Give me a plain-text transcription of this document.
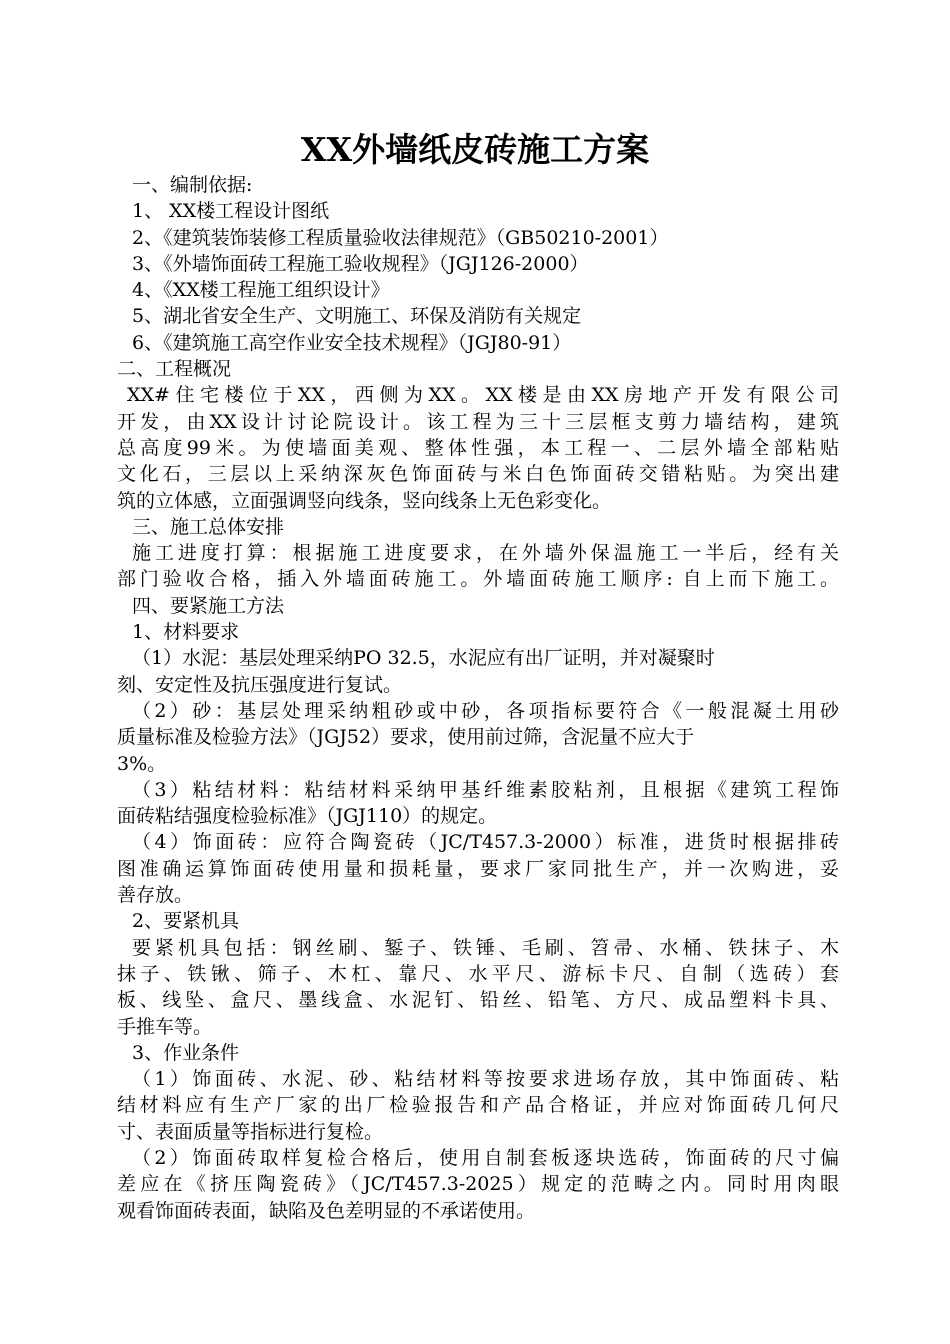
XX外墙纸皮砖施工方案
一、编制依据:
1、 XX楼工程设计图纸
2、《建筑装饰装修工程质量验收法律规范》（GB50210-2001）
3、《外墙饰面砖工程施工验收规程》（JGJ126-2000）
4、《XX楼工程施工组织设计》
5、湖北省安全生产、文明施工、环保及消防有关规定
6、《建筑施工高空作业安全技术规程》（JGJ80-91）
二、工程概况
XX#住宅楼位于XX，西侧为XX。XX楼是由XX房地产开发有限公司
开发，由XX设计讨论院设计。该工程为三十三层框支剪力墙结构，建筑
总高度99米。为使墙面美观、整体性强，本工程一、二层外墙全部粘贴
文化石，三层以上采纳深灰色饰面砖与米白色饰面砖交错粘贴。为突出建
筑的立体感，立面强调竖向线条，竖向线条上无色彩变化。
三、施工总体安排
施工进度打算：根据施工进度要求，在外墙外保温施工一半后，经有关
部门验收合格，插入外墙面砖施工。外墙面砖施工顺序: 自上而下施工。
四、要紧施工方法
1、材料要求
（1）水泥：基层处理采纳PO 32.5，水泥应有出厂证明，并对凝聚时
刻、安定性及抗压强度进行复试。
（2）砂：基层处理采纳粗砂或中砂，各项指标要符合《一般混凝土用砂
质量标准及检验方法》（JGJ52）要求，使用前过筛，含泥量不应大于
3%。
（3）粘结材料：粘结材料采纳甲基纤维素胶粘剂，且根据《建筑工程饰
面砖粘结强度检验标准》（JGJ110）的规定。
（4）饰面砖：应符合陶瓷砖（JC/T457.3-2000）标准，进货时根据排砖
图准确运算饰面砖使用量和损耗量，要求厂家同批生产，并一次购进，妥
善存放。
2、要紧机具
要紧机具包括：钢丝刷、錾子、铁锤、毛刷、笤帚、水桶、铁抹子、木
抹子、铁锹、筛子、木杠、靠尺、水平尺、游标卡尺、自制（选砖）套
板、线坠、盒尺、墨线盒、水泥钉、铅丝、铅笔、方尺、成品塑料卡具、
手推车等。
3、作业条件
（1）饰面砖、水泥、砂、粘结材料等按要求进场存放，其中饰面砖、粘
结材料应有生产厂家的出厂检验报告和产品合格证，并应对饰面砖几何尺
寸、表面质量等指标进行复检。
（2）饰面砖取样复检合格后，使用自制套板逐块选砖，饰面砖的尺寸偏
差应在《挤压陶瓷砖》（JC/T457.3-2025）规定的范畴之内。同时用肉眼
观看饰面砖表面，缺陷及色差明显的不承诺使用。
